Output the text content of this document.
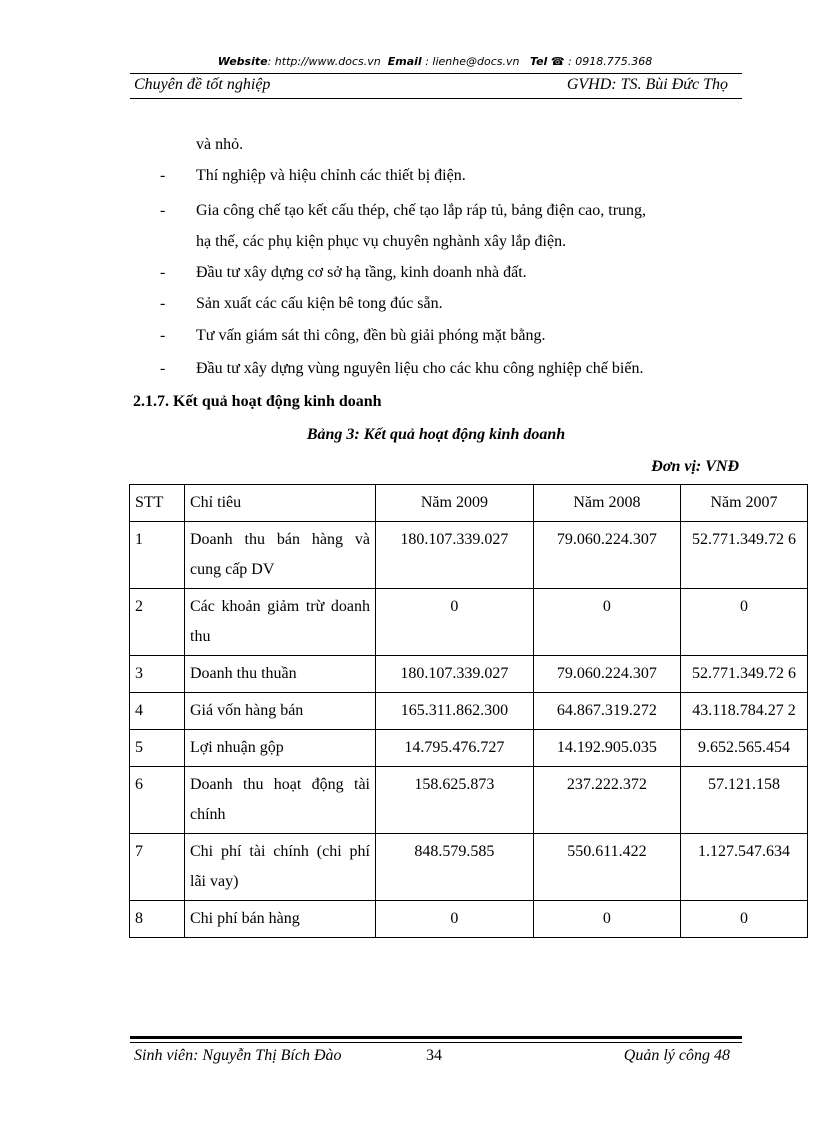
Website: http://www.docs.vn Email : lienhe@docs.vn Tel ☎ : 0918.775.368
Chuyên đề tốt nghiệp	GVHD: TS. Bùi Đức Thọ
và nhỏ.
- Thí nghiệp và hiệu chỉnh các thiết bị điện.
- Gia công chế tạo kết cấu thép, chế tạo lắp ráp tủ, bảng điện cao, trung,
hạ thế, các phụ kiện phục vụ chuyên nghành xây lắp điện.
- Đầu tư xây dựng cơ sở hạ tầng, kinh doanh nhà đất.
- Sản xuất các cấu kiện bê tong đúc sẵn.
- Tư vấn giám sát thi công, đền bù giải phóng mặt bằng.
- Đầu tư xây dựng vùng nguyên liệu cho các khu công nghiệp chế biến.
2.1.7. Kết quả hoạt động kinh doanh
Bảng 3: Kết quả hoạt động kinh doanh
Đơn vị: VNĐ
STT	Chỉ tiêu	Năm 2009	Năm 2008	Năm 2007
1	Doanh thu bán hàng và cung cấp DV	180.107.339.027	79.060.224.307	52.771.349.72 6
2	Các khoản giảm trừ doanh thu	0	0	0
3	Doanh thu thuần	180.107.339.027	79.060.224.307	52.771.349.72 6
4	Giá vốn hàng bán	165.311.862.300	64.867.319.272	43.118.784.27 2
5	Lợi nhuận gộp	14.795.476.727	14.192.905.035	9.652.565.454
6	Doanh thu hoạt động tài chính	158.625.873	237.222.372	57.121.158
7	Chi phí tài chính (chi phí lãi vay)	848.579.585	550.611.422	1.127.547.634
8	Chi phí bán hàng	0	0	0
Sinh viên: Nguyễn Thị Bích Đào	34	Quản lý công 48
